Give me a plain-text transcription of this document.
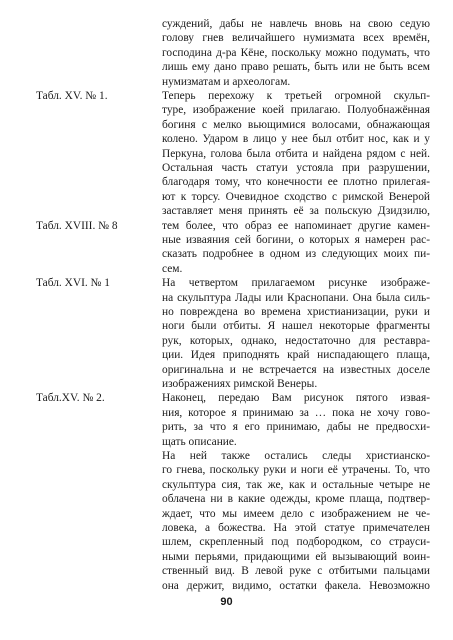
суждений, дабы не навлечь вновь на свою седую
голову гнев величайшего нумизмата всех времён,
господина д-ра Кёне, поскольку можно подумать, что
лишь ему дано право решать, быть или не быть всем
нумизматам и археологам.
Теперь перехожу к третьей огромной скульп-
туре, изображение коей прилагаю. Полуобнажённая
богиня с мелко вьющимися волосами, обнажающая
колено. Ударом в лицо у нее был отбит нос, как и у
Перкуна, голова была отбита и найдена рядом с ней.
Остальная часть статуи устояла при разрушении,
благодаря тому, что конечности ее плотно прилегая-
ют к торсу. Очевидное сходство с римской Венерой
заставляет меня принять её за польскую Дзидзилю,
тем более, что образ ее напоминает другие камен-
ные изваяния сей богини, о которых я намерен рас-
сказать подробнее в одном из следующих моих пи-
сем.
На четвертом прилагаемом рисунке изображе-
на скульптура Лады или Краснопани. Она была силь-
но повреждена во времена христианизации, руки и
ноги были отбиты. Я нашел некоторые фрагменты
рук, которых, однако, недостаточно для реставра-
ции. Идея приподнять край ниспадающего плаща,
оригинальна и не встречается на известных доселе
изображениях римской Венеры.
Наконец, передаю Вам рисунок пятого извая-
ния, которое я принимаю за … пока не хочу гово-
рить, за что я его принимаю, дабы не предвосхи-
щать описание.
На ней также остались следы христианско-
го гнева, поскольку руки и ноги её утрачены. То, что
скульптура сия, так же, как и остальные четыре не
облачена ни в какие одежды, кроме плаща, подтвер-
ждает, что мы имеем дело с изображением не че-
ловека, а божества. На этой статуе примечателен
шлем, скрепленный под подбородком, со страуси-
ными перьями, придающими ей вызывающий воин-
ственный вид. В левой руке с отбитыми пальцами
она держит, видимо, остатки факела. Невозможно
Табл. XV. № 1.
Табл. XVIII. № 8
Табл. XVI. № 1
Табл.XV. № 2.
90
